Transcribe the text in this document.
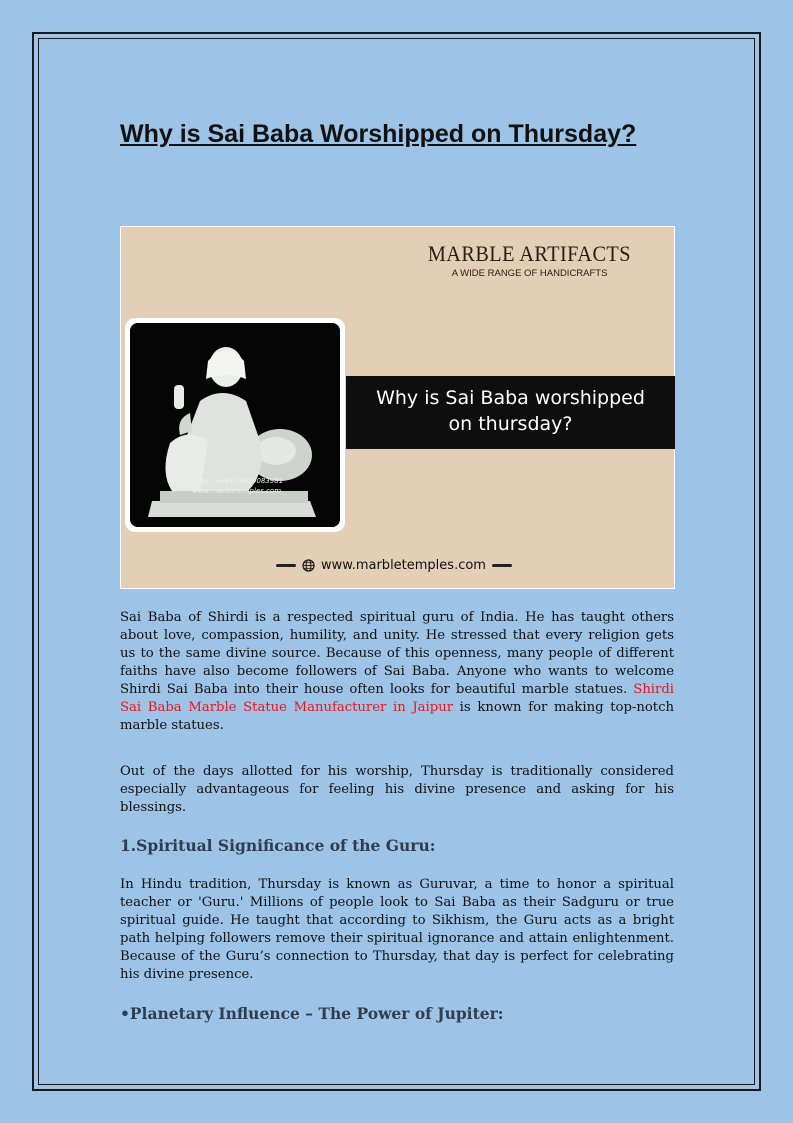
Why is Sai Baba Worshipped on Thursday?
MARBLE ARTIFACTS
A WIDE RANGE OF HANDICRAFTS
Call : +(91)-9829083981
www.marbletemples.com
Why is Sai Baba worshipped
on thursday?
www.marbletemples.com

Sai Baba of Shirdi is a respected spiritual guru of India. He has taught others about love, compassion, humility, and unity. He stressed that every religion gets us to the same divine source. Because of this openness, many people of different faiths have also become followers of Sai Baba. Anyone who wants to welcome Shirdi Sai Baba into their house often looks for beautiful marble statues. Shirdi Sai Baba Marble Statue Manufacturer in Jaipur is known for making top-notch marble statues.

Out of the days allotted for his worship, Thursday is traditionally considered especially advantageous for feeling his divine presence and asking for his blessings.

1.Spiritual Significance of the Guru:

In Hindu tradition, Thursday is known as Guruvar, a time to honor a spiritual teacher or 'Guru.' Millions of people look to Sai Baba as their Sadguru or true spiritual guide. He taught that according to Sikhism, the Guru acts as a bright path helping followers remove their spiritual ignorance and attain enlightenment. Because of the Guru’s connection to Thursday, that day is perfect for celebrating his divine presence.

•Planetary Influence – The Power of Jupiter:
